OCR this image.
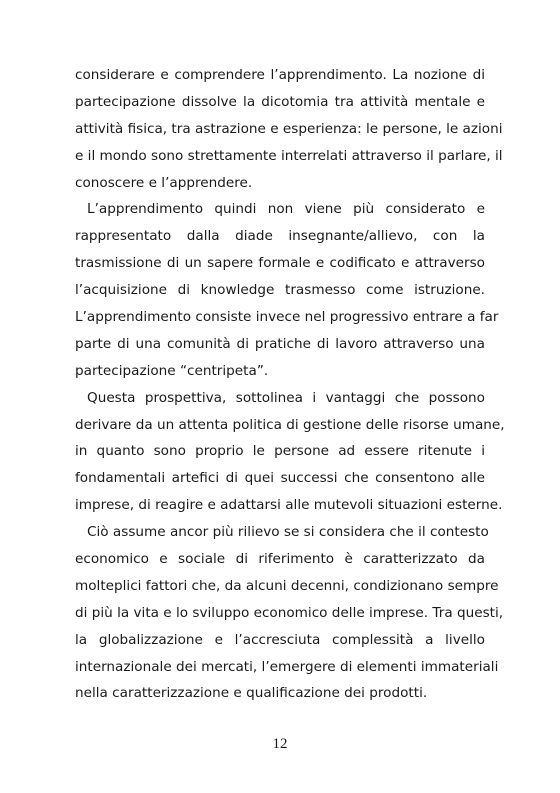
considerare e comprendere l’apprendimento. La nozione di
partecipazione dissolve la dicotomia tra attività mentale e
attività fisica, tra astrazione e esperienza: le persone, le azioni
e il mondo sono strettamente interrelati attraverso il parlare, il
conoscere e l’apprendere.

L’apprendimento quindi non viene più considerato e
rappresentato dalla diade insegnante/allievo, con la
trasmissione di un sapere formale e codificato e attraverso
l’acquisizione di knowledge trasmesso come istruzione.
L’apprendimento consiste invece nel progressivo entrare a far
parte di una comunità di pratiche di lavoro attraverso una
partecipazione “centripeta”.

Questa prospettiva, sottolinea i vantaggi che possono
derivare da un attenta politica di gestione delle risorse umane,
in quanto sono proprio le persone ad essere ritenute i
fondamentali artefici di quei successi che consentono alle
imprese, di reagire e adattarsi alle mutevoli situazioni esterne.

Ciò assume ancor più rilievo se si considera che il contesto
economico e sociale di riferimento è caratterizzato da
molteplici fattori che, da alcuni decenni, condizionano sempre
di più la vita e lo sviluppo economico delle imprese. Tra questi,
la globalizzazione e l’accresciuta complessità a livello
internazionale dei mercati, l’emergere di elementi immateriali
nella caratterizzazione e qualificazione dei prodotti.

12
